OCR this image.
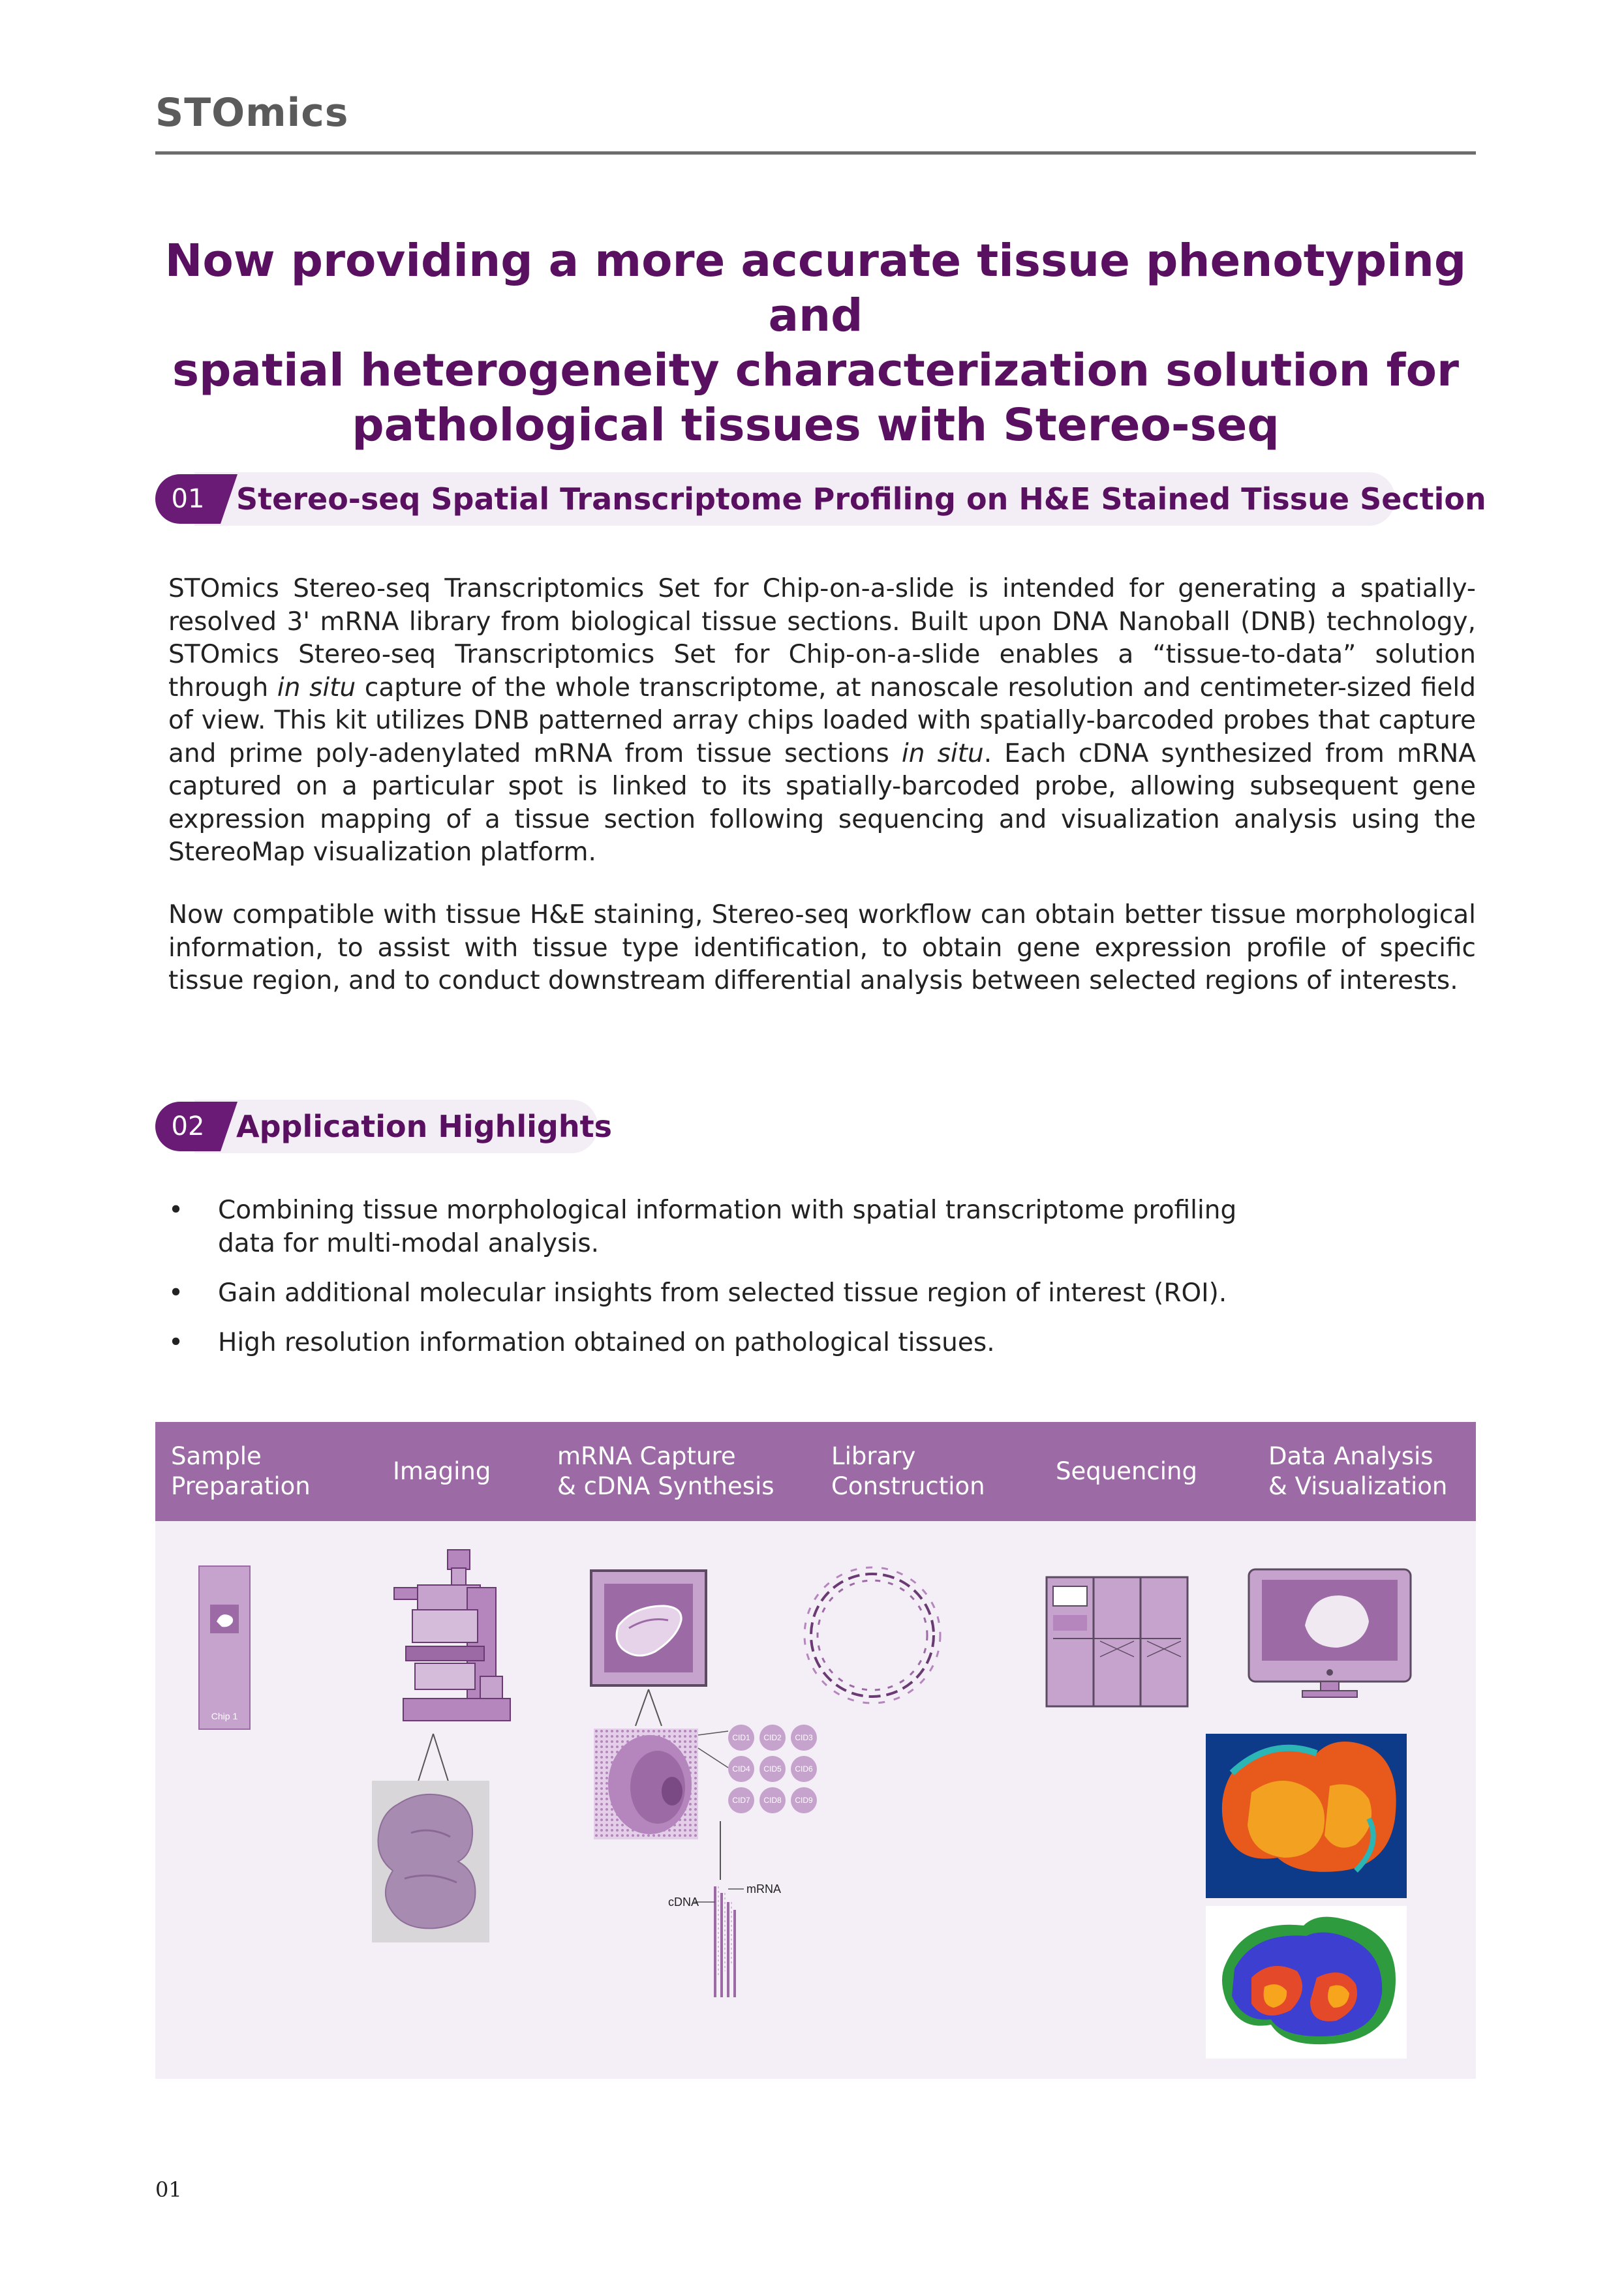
STOmics
Now providing a more accurate tissue phenotyping and
spatial heterogeneity characterization solution for
pathological tissues with Stereo-seq
01	Stereo-seq Spatial Transcriptome Profiling on H&E Stained Tissue Section
STOmics Stereo-seq Transcriptomics Set for Chip-on-a-slide is intended for generating a spatially-resolved 3' mRNA library from biological tissue sections. Built upon DNA Nanoball (DNB) technology, STOmics Stereo-seq Transcriptomics Set for Chip-on-a-slide enables a “tissue-to-data” solution through in situ capture of the whole transcriptome, at nanoscale resolution and centimeter-sized field of view. This kit utilizes DNB patterned array chips loaded with spatially-barcoded probes that capture and prime poly-adenylated mRNA from tissue sections in situ. Each cDNA synthesized from mRNA captured on a particular spot is linked to its spatially-barcoded probe, allowing subsequent gene expression mapping of a tissue section following sequencing and visualization analysis using the StereoMap visualization platform.
Now compatible with tissue H&E staining, Stereo-seq workflow can obtain better tissue morphological information, to assist with tissue type identification, to obtain gene expression profile of specific tissue region, and to conduct downstream differential analysis between selected regions of interests.
02	Application Highlights
• Combining tissue morphological information with spatial transcriptome profiling data for multi-modal analysis.
• Gain additional molecular insights from selected tissue region of interest (ROI).
• High resolution information obtained on pathological tissues.
Sample
Preparation
Imaging
mRNA Capture
& cDNA Synthesis
Library
Construction
Sequencing
Data Analysis
& Visualization
Chip 1
CID1 CID2 CID3
CID4 CID5 CID6
CID7 CID8 CID9
cDNA
mRNA
01
